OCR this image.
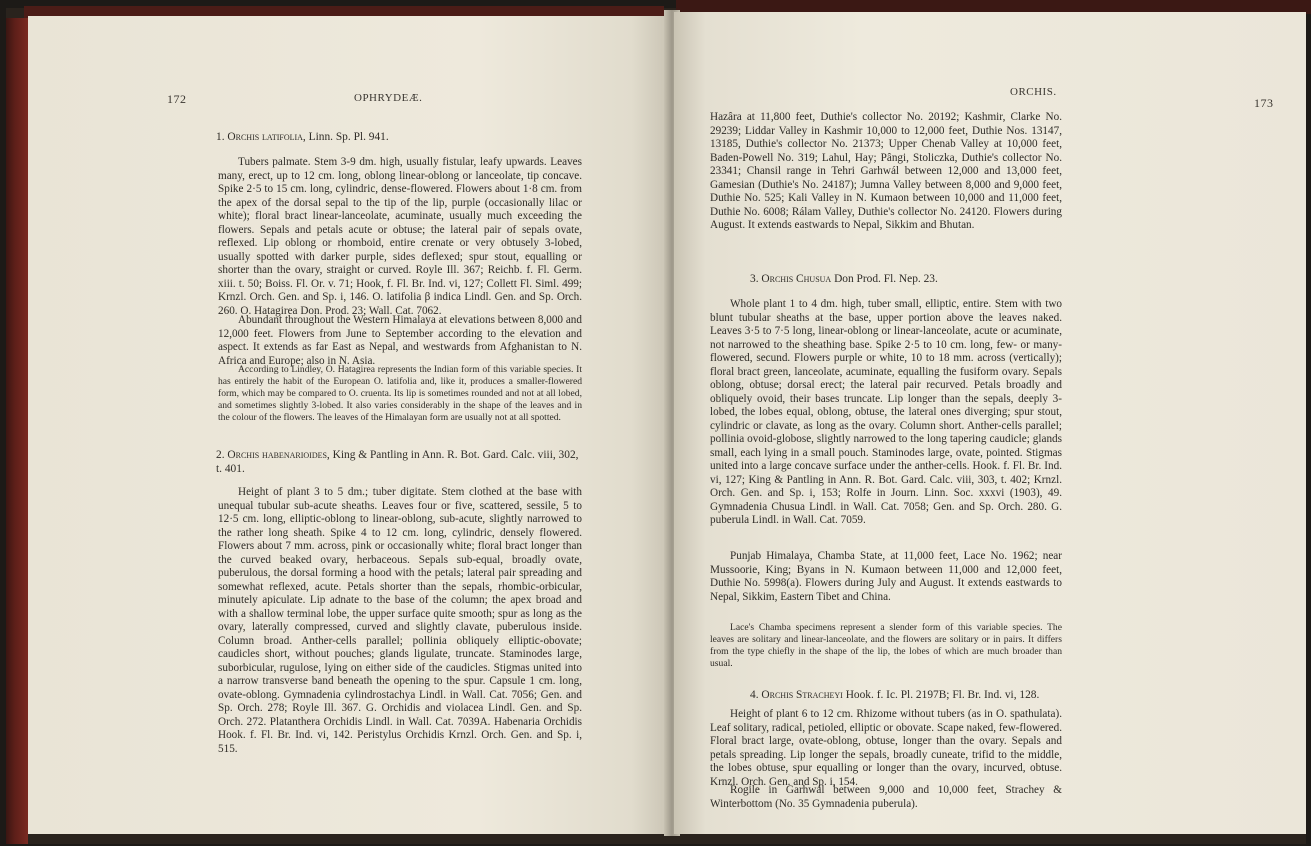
172	OPHRYDEÆ.

1. Orchis latifolia, Linn. Sp. Pl. 941.

Tubers palmate. Stem 3-9 dm. high, usually fistular, leafy upwards. Leaves many, erect, up to 12 cm. long, oblong linear-oblong or lanceolate, tip concave. Spike 2·5 to 15 cm. long, cylindric, dense-flowered. Flowers about 1·8 cm. from the apex of the dorsal sepal to the tip of the lip, purple (occasionally lilac or white); floral bract linear-lanceolate, acuminate, usually much exceeding the flowers. Sepals and petals acute or obtuse; the lateral pair of sepals ovate, reflexed. Lip oblong or rhomboid, entire crenate or very obtusely 3-lobed, usually spotted with darker purple, sides deflexed; spur stout, equalling or shorter than the ovary, straight or curved. Royle Ill. 367; Reichb. f. Fl. Germ. xiii. t. 50; Boiss. Fl. Or. v. 71; Hook, f. Fl. Br. Ind. vi, 127; Collett Fl. Siml. 499; Krnzl. Orch. Gen. and Sp. i, 146. O. latifolia β indica Lindl. Gen. and Sp. Orch. 260. O. Hatagirea Don. Prod. 23; Wall. Cat. 7062.

Abundant throughout the Western Himalaya at elevations between 8,000 and 12,000 feet. Flowers from June to September according to the elevation and aspect. It extends as far East as Nepal, and westwards from Afghanistan to N. Africa and Europe; also in N. Asia.

According to Lindley, O. Hatagirea represents the Indian form of this variable species. It has entirely the habit of the European O. latifolia and, like it, produces a smaller-flowered form, which may be compared to O. cruenta. Its lip is sometimes rounded and not at all lobed, and sometimes slightly 3-lobed. It also varies considerably in the shape of the leaves and in the colour of the flowers. The leaves of the Himalayan form are usually not at all spotted.

2. Orchis habenarioides, King & Pantling in Ann. R. Bot. Gard. Calc. viii, 302, t. 401.

Height of plant 3 to 5 dm.; tuber digitate. Stem clothed at the base with unequal tubular sub-acute sheaths. Leaves four or five, scattered, sessile, 5 to 12·5 cm. long, elliptic-oblong to linear-oblong, sub-acute, slightly narrowed to the rather long sheath. Spike 4 to 12 cm. long, cylindric, densely flowered. Flowers about 7 mm. across, pink or occasionally white; floral bract longer than the curved beaked ovary, herbaceous. Sepals sub-equal, broadly ovate, puberulous, the dorsal forming a hood with the petals; lateral pair spreading and somewhat reflexed, acute. Petals shorter than the sepals, rhombic-orbicular, minutely apiculate. Lip adnate to the base of the column; the apex broad and with a shallow terminal lobe, the upper surface quite smooth; spur as long as the ovary, laterally compressed, curved and slightly clavate, puberulous inside. Column broad. Anther-cells parallel; pollinia obliquely elliptic-obovate; caudicles short, without pouches; glands ligulate, truncate. Staminodes large, suborbicular, rugulose, lying on either side of the caudicles. Stigmas united into a narrow transverse band beneath the opening to the spur. Capsule 1 cm. long, ovate-oblong. Gymnadenia cylindrostachya Lindl. in Wall. Cat. 7056; Gen. and Sp. Orch. 278; Royle Ill. 367. G. Orchidis and violacea Lindl. Gen. and Sp. Orch. 272. Platanthera Orchidis Lindl. in Wall. Cat. 7039A. Habenaria Orchidis Hook. f. Fl. Br. Ind. vi, 142. Peristylus Orchidis Krnzl. Orch. Gen. and Sp. i, 515.

ORCHIS.
173

Hazâra at 11,800 feet, Duthie's collector No. 20192; Kashmir, Clarke No. 29239; Liddar Valley in Kashmir 10,000 to 12,000 feet, Duthie Nos. 13147, 13185, Duthie's collector No. 21373; Upper Chenab Valley at 10,000 feet, Baden-Powell No. 319; Lahul, Hay; Pângi, Stoliczka, Duthie's collector No. 23341; Chansil range in Tehri Garhwál between 12,000 and 13,000 feet, Gamesian (Duthie's No. 24187); Jumna Valley between 8,000 and 9,000 feet, Duthie No. 525; Kali Valley in N. Kumaon between 10,000 and 11,000 feet, Duthie No. 6008; Rálam Valley, Duthie's collector No. 24120. Flowers during August. It extends eastwards to Nepal, Sikkim and Bhutan.

3. Orchis Chusua Don Prod. Fl. Nep. 23.

Whole plant 1 to 4 dm. high, tuber small, elliptic, entire. Stem with two blunt tubular sheaths at the base, upper portion above the leaves naked. Leaves 3·5 to 7·5 long, linear-oblong or linear-lanceolate, acute or acuminate, not narrowed to the sheathing base. Spike 2·5 to 10 cm. long, few- or many-flowered, secund. Flowers purple or white, 10 to 18 mm. across (vertically); floral bract green, lanceolate, acuminate, equalling the fusiform ovary. Sepals oblong, obtuse; dorsal erect; the lateral pair recurved. Petals broadly and obliquely ovoid, their bases truncate. Lip longer than the sepals, deeply 3-lobed, the lobes equal, oblong, obtuse, the lateral ones diverging; spur stout, cylindric or clavate, as long as the ovary. Column short. Anther-cells parallel; pollinia ovoid-globose, slightly narrowed to the long tapering caudicle; glands small, each lying in a small pouch. Staminodes large, ovate, pointed. Stigmas united into a large concave surface under the anther-cells. Hook. f. Fl. Br. Ind. vi, 127; King & Pantling in Ann. R. Bot. Gard. Calc. viii, 303, t. 402; Krnzl. Orch. Gen. and Sp. i, 153; Rolfe in Journ. Linn. Soc. xxxvi (1903), 49. Gymnadenia Chusua Lindl. in Wall. Cat. 7058; Gen. and Sp. Orch. 280. G. puberula Lindl. in Wall. Cat. 7059.

Punjab Himalaya, Chamba State, at 11,000 feet, Lace No. 1962; near Mussoorie, King; Byans in N. Kumaon between 11,000 and 12,000 feet, Duthie No. 5998(a). Flowers during July and August. It extends eastwards to Nepal, Sikkim, Eastern Tibet and China.

Lace's Chamba specimens represent a slender form of this variable species. The leaves are solitary and linear-lanceolate, and the flowers are solitary or in pairs. It differs from the type chiefly in the shape of the lip, the lobes of which are much broader than usual.

4. Orchis Stracheyi Hook. f. Ic. Pl. 2197B; Fl. Br. Ind. vi, 128.

Height of plant 6 to 12 cm. Rhizome without tubers (as in O. spathulata). Leaf solitary, radical, petioled, elliptic or obovate. Scape naked, few-flowered. Floral bract large, ovate-oblong, obtuse, longer than the ovary. Sepals and petals spreading. Lip longer the sepals, broadly cuneate, trifid to the middle, the lobes obtuse, spur equalling or longer than the ovary, incurved, obtuse. Krnzl. Orch. Gen. and Sp. i, 154.

Rogile in Garhwál between 9,000 and 10,000 feet, Strachey & Winterbottom (No. 35 Gymnadenia puberula).
